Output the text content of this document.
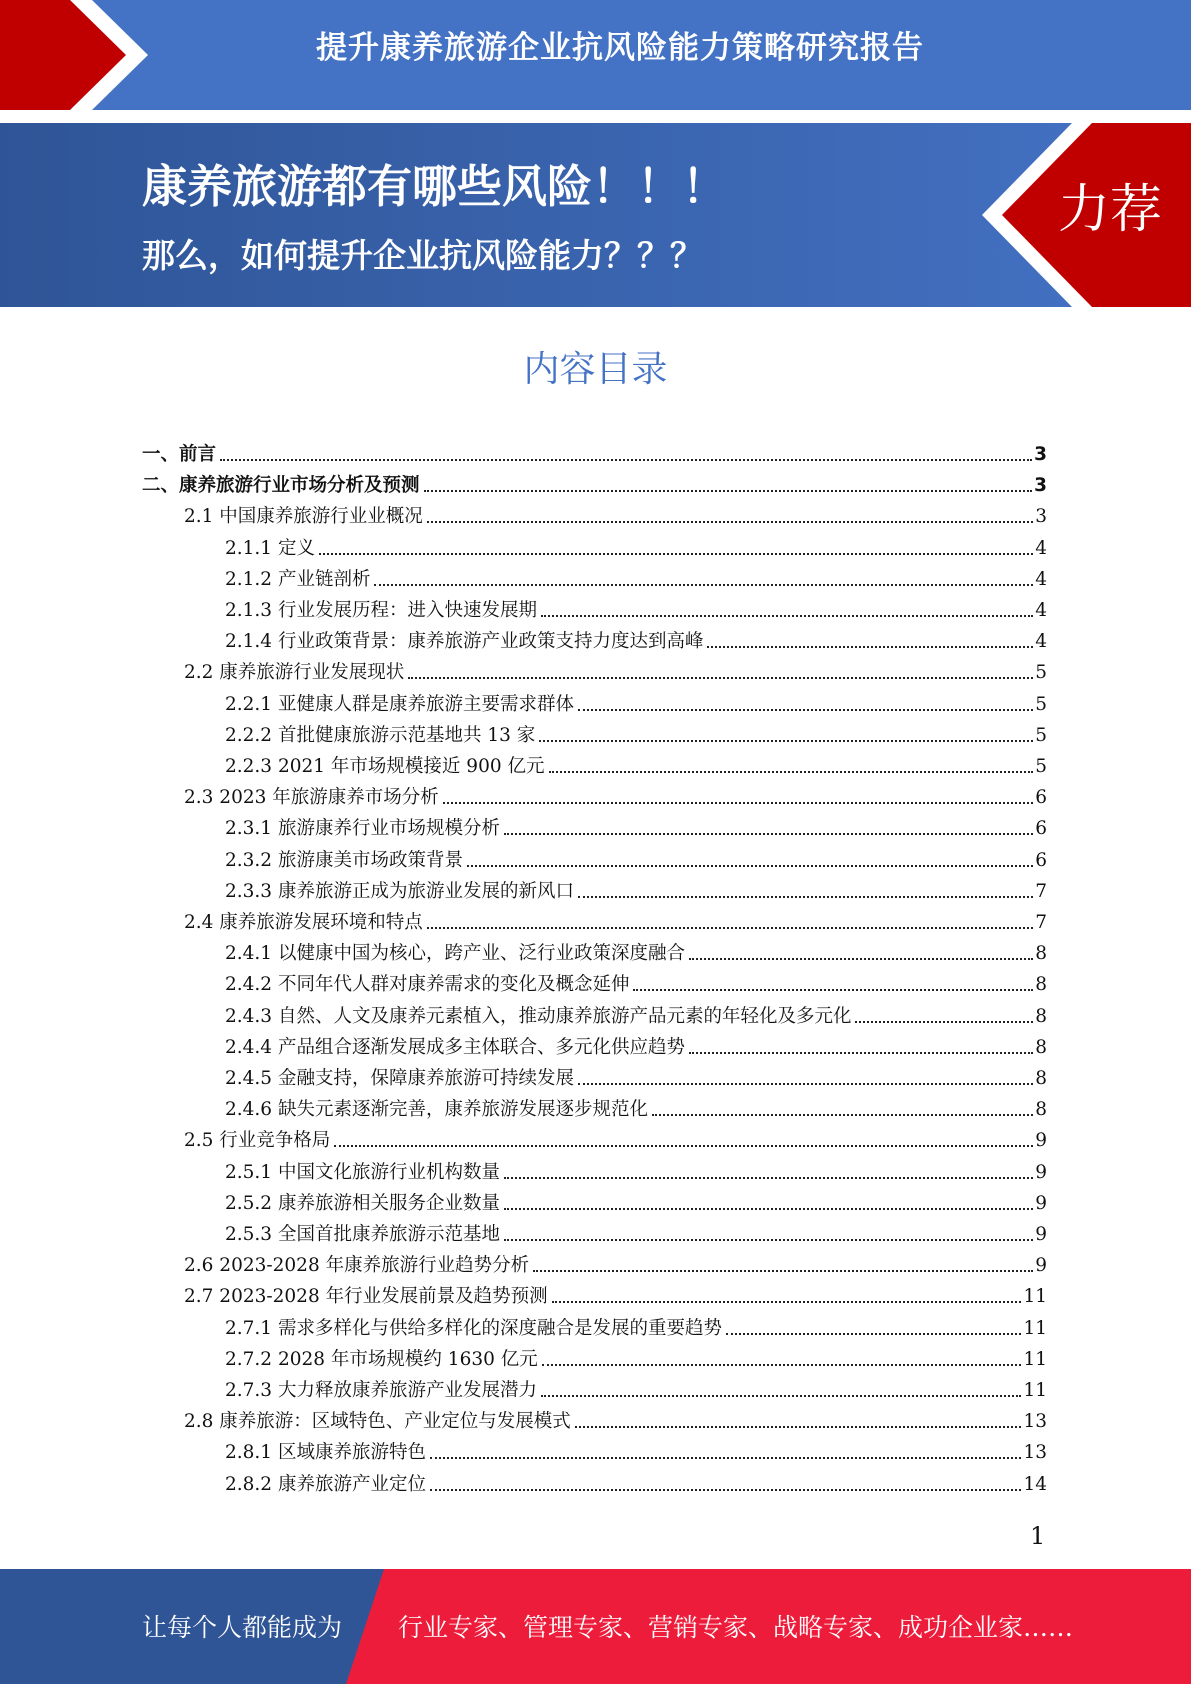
提升康养旅游企业抗风险能力策略研究报告
康养旅游都有哪些风险！！！
那么，如何提升企业抗风险能力？？？
力荐
内容目录
一、前言	3
二、康养旅游行业市场分析及预测	3
2.1 中国康养旅游行业业概况	3
2.1.1 定义	4
2.1.2 产业链剖析	4
2.1.3 行业发展历程：进入快速发展期	4
2.1.4 行业政策背景：康养旅游产业政策支持力度达到高峰	4
2.2 康养旅游行业发展现状	5
2.2.1 亚健康人群是康养旅游主要需求群体	5
2.2.2 首批健康旅游示范基地共 13 家	5
2.2.3 2021 年市场规模接近 900 亿元	5
2.3 2023 年旅游康养市场分析	6
2.3.1 旅游康养行业市场规模分析	6
2.3.2 旅游康美市场政策背景	6
2.3.3 康养旅游正成为旅游业发展的新风口	7
2.4 康养旅游发展环境和特点	7
2.4.1 以健康中国为核心，跨产业、泛行业政策深度融合	8
2.4.2 不同年代人群对康养需求的变化及概念延伸	8
2.4.3 自然、人文及康养元素植入，推动康养旅游产品元素的年轻化及多元化	8
2.4.4 产品组合逐渐发展成多主体联合、多元化供应趋势	8
2.4.5 金融支持，保障康养旅游可持续发展	8
2.4.6 缺失元素逐渐完善，康养旅游发展逐步规范化	8
2.5 行业竞争格局	9
2.5.1 中国文化旅游行业机构数量	9
2.5.2 康养旅游相关服务企业数量	9
2.5.3 全国首批康养旅游示范基地	9
2.6 2023-2028 年康养旅游行业趋势分析	9
2.7 2023-2028 年行业发展前景及趋势预测	11
2.7.1 需求多样化与供给多样化的深度融合是发展的重要趋势	11
2.7.2 2028 年市场规模约 1630 亿元	11
2.7.3 大力释放康养旅游产业发展潜力	11
2.8 康养旅游：区域特色、产业定位与发展模式	13
2.8.1 区域康养旅游特色	13
2.8.2 康养旅游产业定位	14
1
让每个人都能成为 行业专家、管理专家、营销专家、战略专家、成功企业家……
